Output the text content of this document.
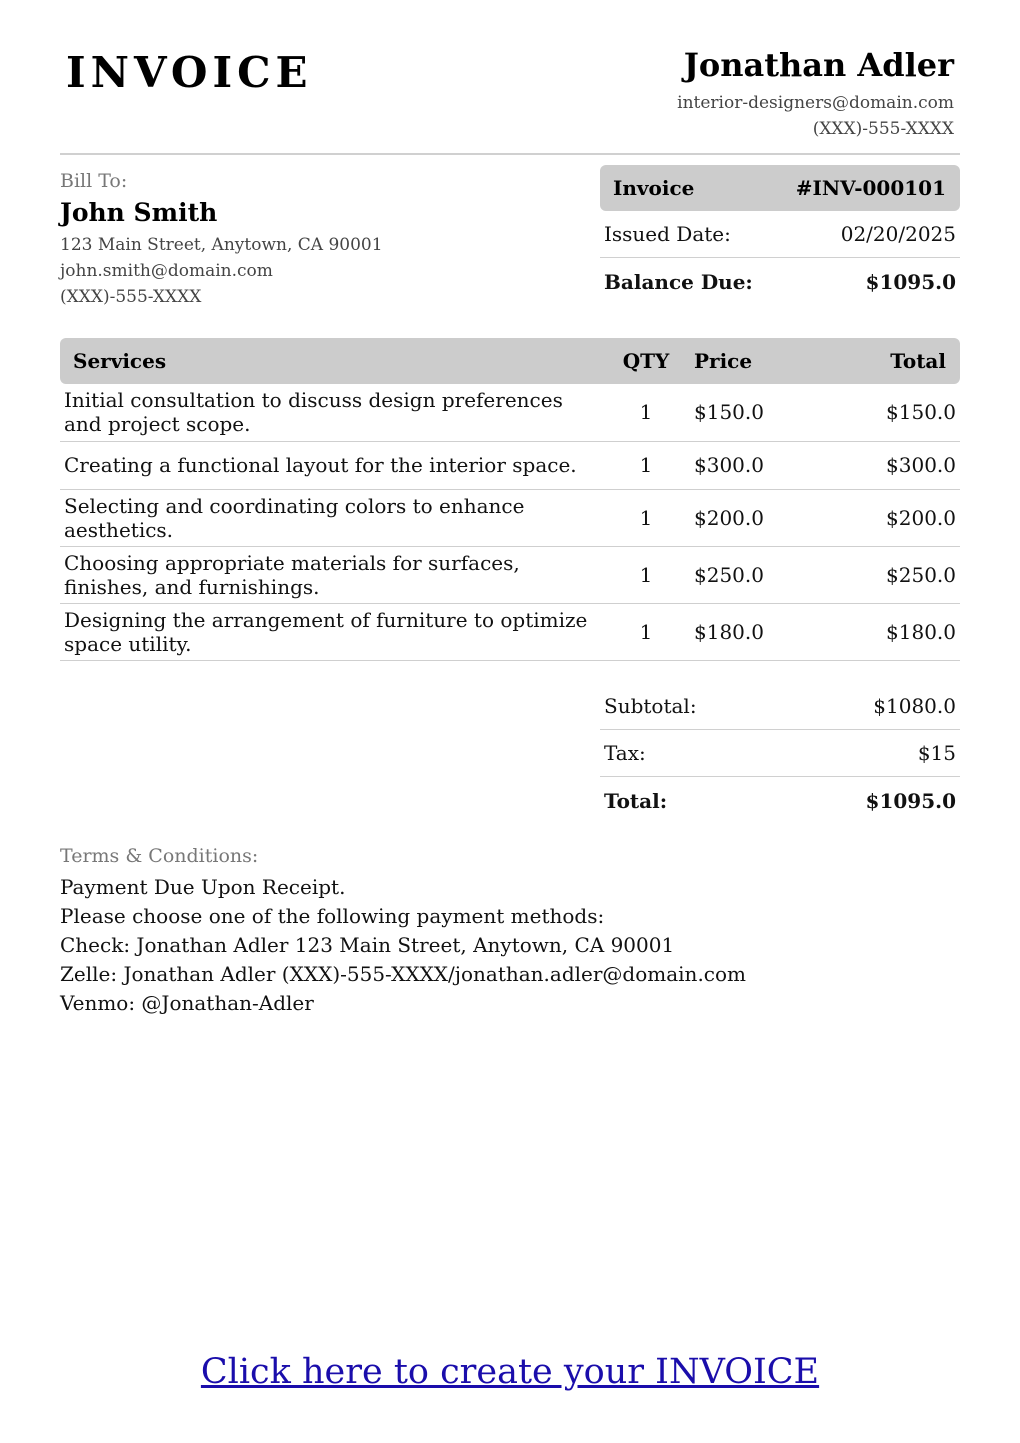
INVOICE	Jonathan Adler
interior-designers@domain.com
(XXX)-555-XXXX
Bill To:
John Smith
123 Main Street, Anytown, CA 90001
john.smith@domain.com
(XXX)-555-XXXX
Invoice	#INV-000101
Issued Date:	02/20/2025
Balance Due:	$1095.0
Services	QTY	Price	Total
Initial consultation to discuss design preferences and project scope.	1	$150.0	$150.0
Creating a functional layout for the interior space.	1	$300.0	$300.0
Selecting and coordinating colors to enhance aesthetics.	1	$200.0	$200.0
Choosing appropriate materials for surfaces, finishes, and furnishings.	1	$250.0	$250.0
Designing the arrangement of furniture to optimize space utility.	1	$180.0	$180.0
Subtotal:	$1080.0
Tax:	$15
Total:	$1095.0
Terms & Conditions:
Payment Due Upon Receipt.
Please choose one of the following payment methods:
Check: Jonathan Adler 123 Main Street, Anytown, CA 90001
Zelle: Jonathan Adler (XXX)-555-XXXX/jonathan.adler@domain.com
Venmo: @Jonathan-Adler
Click here to create your INVOICE
